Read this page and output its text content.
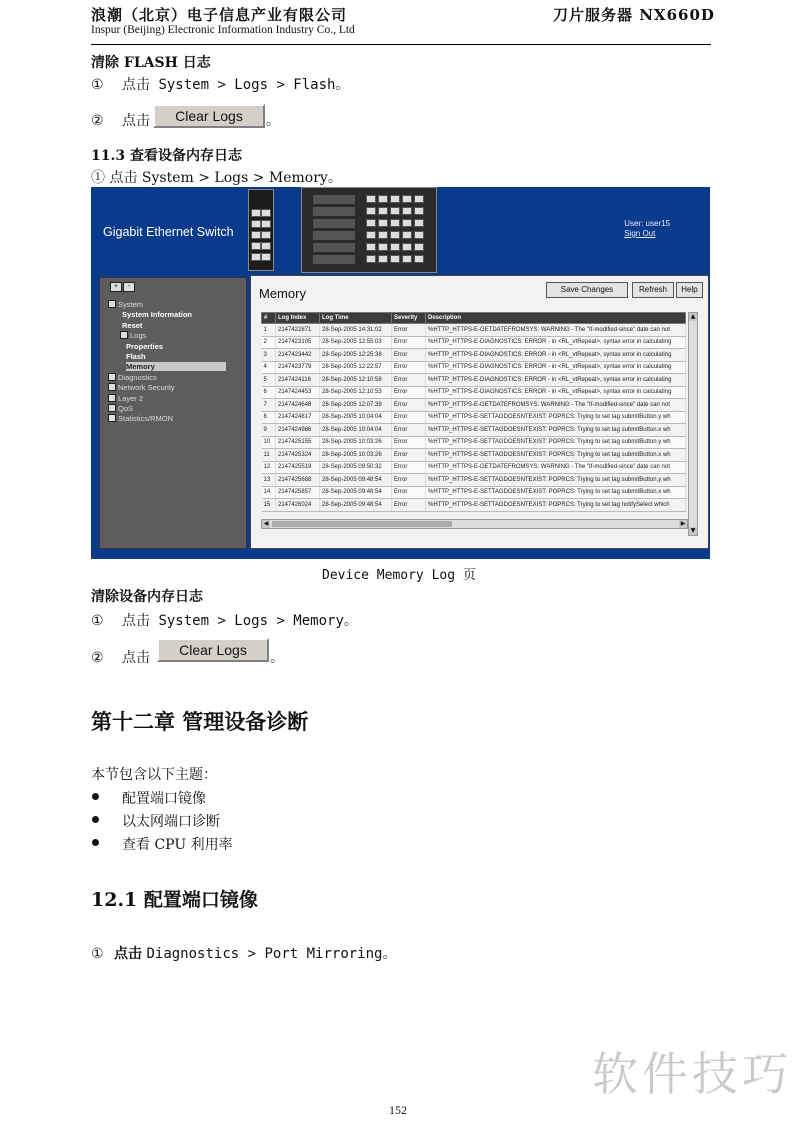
浪潮（北京）电子信息产业有限公司	刀片服务器 NX660D
Inspur (Beijing) Electronic Information Industry Co., Ltd
清除 FLASH 日志
① 点击 System > Logs > Flash。
② 点击	Clear Logs	。
11.3 查看设备内存日志
① 点击 System > Logs > Memory。
Gigabit Ethernet Switch
User: user15
Sign Out
+	-
System
System Information
Reset
Logs
Properties
Flash
Memory
Diagnostics
Network Security
Layer 2
QoS
Statistics/RMON
Memory	Save Changes	Refresh	Help
#	Log Index	Log Time	Severity	Description
1	2147422871	28-Sep-2005 14:31:02	Error	%HTTP_HTTPS-E-GETDATEFROMSYS: WARNING - The "If-modified-since" date can not
2	2147423105	28-Sep-2005 12:55:03	Error	%HTTP_HTTPS-E-DIAGNOSTICS: ERROR - in <RL_vtRepeat>, syntax error in calculating
3	2147423442	28-Sep-2005 12:25:38	Error	%HTTP_HTTPS-E-DIAGNOSTICS: ERROR - in <RL_vtRepeat>, syntax error in calculating
4	2147423779	28-Sep-2005 12:22:57	Error	%HTTP_HTTPS-E-DIAGNOSTICS: ERROR - in <RL_vtRepeat>, syntax error in calculating
5	2147424116	28-Sep-2005 12:10:58	Error	%HTTP_HTTPS-E-DIAGNOSTICS: ERROR - in <RL_vtRepeat>, syntax error in calculating
6	2147424453	28-Sep-2005 12:10:53	Error	%HTTP_HTTPS-E-DIAGNOSTICS: ERROR - in <RL_vtRepeat>, syntax error in calculating
7	2147424648	28-Sep-2005 12:07:39	Error	%HTTP_HTTPS-E-GETDATEFROMSYS: WARNING - The "If-modified-since" date can not
8	2147424817	28-Sep-2005 10:04:04	Error	%HTTP_HTTPS-E-SETTAGDOESNTEXIST: POPRCS: Trying to set tag submitButton.y wh
9	2147424986	28-Sep-2005 10:04:04	Error	%HTTP_HTTPS-E-SETTAGDOESNTEXIST: POPRCS: Trying to set tag submitButton.x wh
10	2147425155	28-Sep-2005 10:03:26	Error	%HTTP_HTTPS-E-SETTAGDOESNTEXIST: POPRCS: Trying to set tag submitButton.y wh
11	2147425324	28-Sep-2005 10:03:26	Error	%HTTP_HTTPS-E-SETTAGDOESNTEXIST: POPRCS: Trying to set tag submitButton.x wh
12	2147425519	28-Sep-2005 09:50:32	Error	%HTTP_HTTPS-E-GETDATEFROMSYS: WARNING - The "If-modified-since" date can not
13	2147425688	28-Sep-2005 09:48:54	Error	%HTTP_HTTPS-E-SETTAGDOESNTEXIST: POPRCS: Trying to set tag submitButton.y wh
14	2147425857	28-Sep-2005 09:48:54	Error	%HTTP_HTTPS-E-SETTAGDOESNTEXIST: POPRCS: Trying to set tag submitButton.x wh
15	2147426024	28-Sep-2005 09:48:54	Error	%HTTP_HTTPS-E-SETTAGDOESNTEXIST: POPRCS: Trying to set tag notifySelect which
▲
▼
◀	▶
Device Memory Log 页
清除设备内存日志
① 点击 System > Logs > Memory。
② 点击	Clear Logs	。
第十二章 管理设备诊断
本节包含以下主题：
配置端口镜像
以太网端口诊断
查看 CPU 利用率
12.1 配置端口镜像
① 点击 Diagnostics > Port Mirroring。
152
软件技巧
